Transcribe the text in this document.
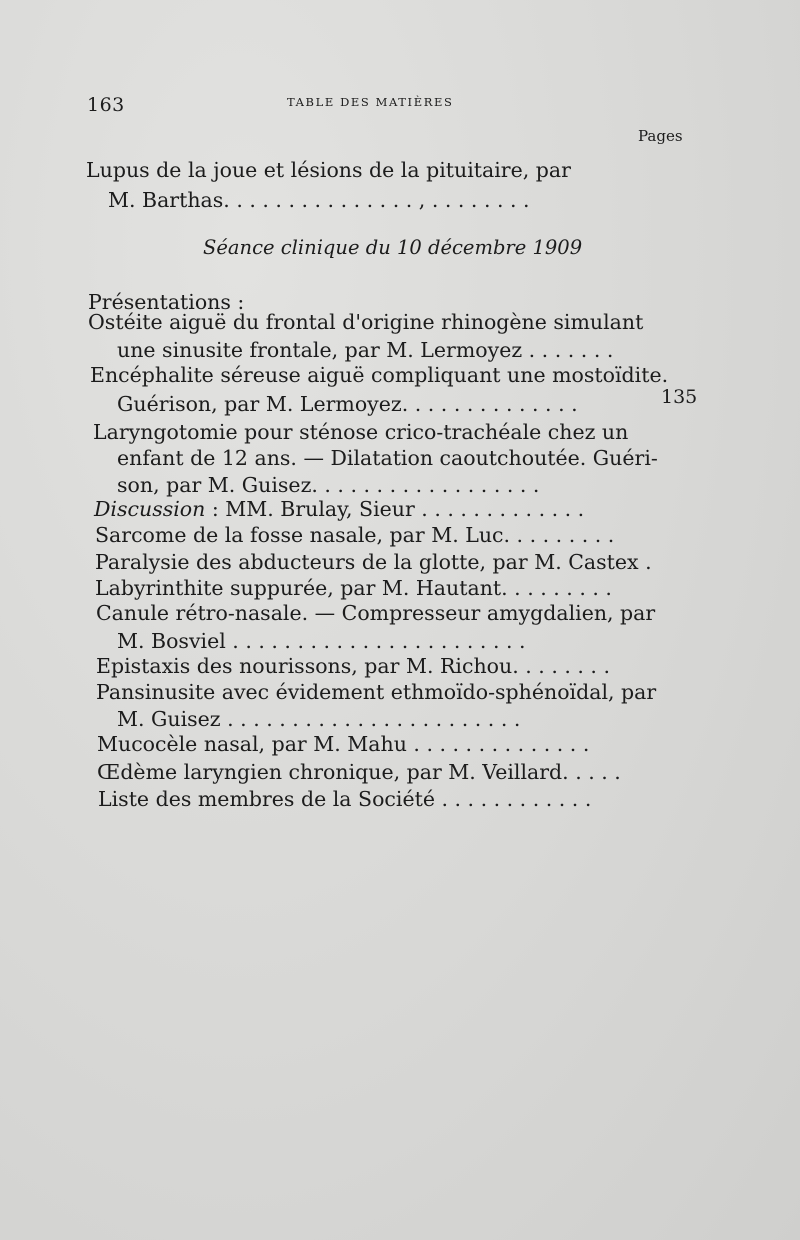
163	TABLE DES MATIÈRES
Pages
Lupus de la joue et lésions de la pituitaire, par
M. Barthas. . . . . . . . . . . . . . . , . . . . . . . .
Séance clinique du 10 décembre 1909
Présentations :
Ostéite aiguë du frontal d'origine rhinogène simulant
une sinusite frontale, par M. Lermoyez . . . . . . .
Encéphalite séreuse aiguë compliquant une mostoïdite.
Guérison, par M. Lermoyez. . . . . . . . . . . . . .
Laryngotomie pour sténose crico-trachéale chez un
enfant de 12 ans. — Dilatation caoutchoutée. Guéri-
son, par M. Guisez. . . . . . . . . . . . . . . . . .
Discussion : MM. Brulay, Sieur . . . . . . . . . . . . .
Sarcome de la fosse nasale, par M. Luc. . . . . . . . .
Paralysie des abducteurs de la glotte, par M. Castex .
Labyrinthite suppurée, par M. Hautant. . . . . . . . .
Canule rétro-nasale. — Compresseur amygdalien, par
M. Bosviel . . . . . . . . . . . . . . . . . . . . . . .
Epistaxis des nourissons, par M. Richou. . . . . . . .
Pansinusite avec évidement ethmoïdo-sphénoïdal, par
M. Guisez . . . . . . . . . . . . . . . . . . . . . . .
Mucocèle nasal, par M. Mahu . . . . . . . . . . . . . .
Œdème laryngien chronique, par M. Veillard. . . . .
Liste des membres de la Société . . . . . . . . . . . .
135
